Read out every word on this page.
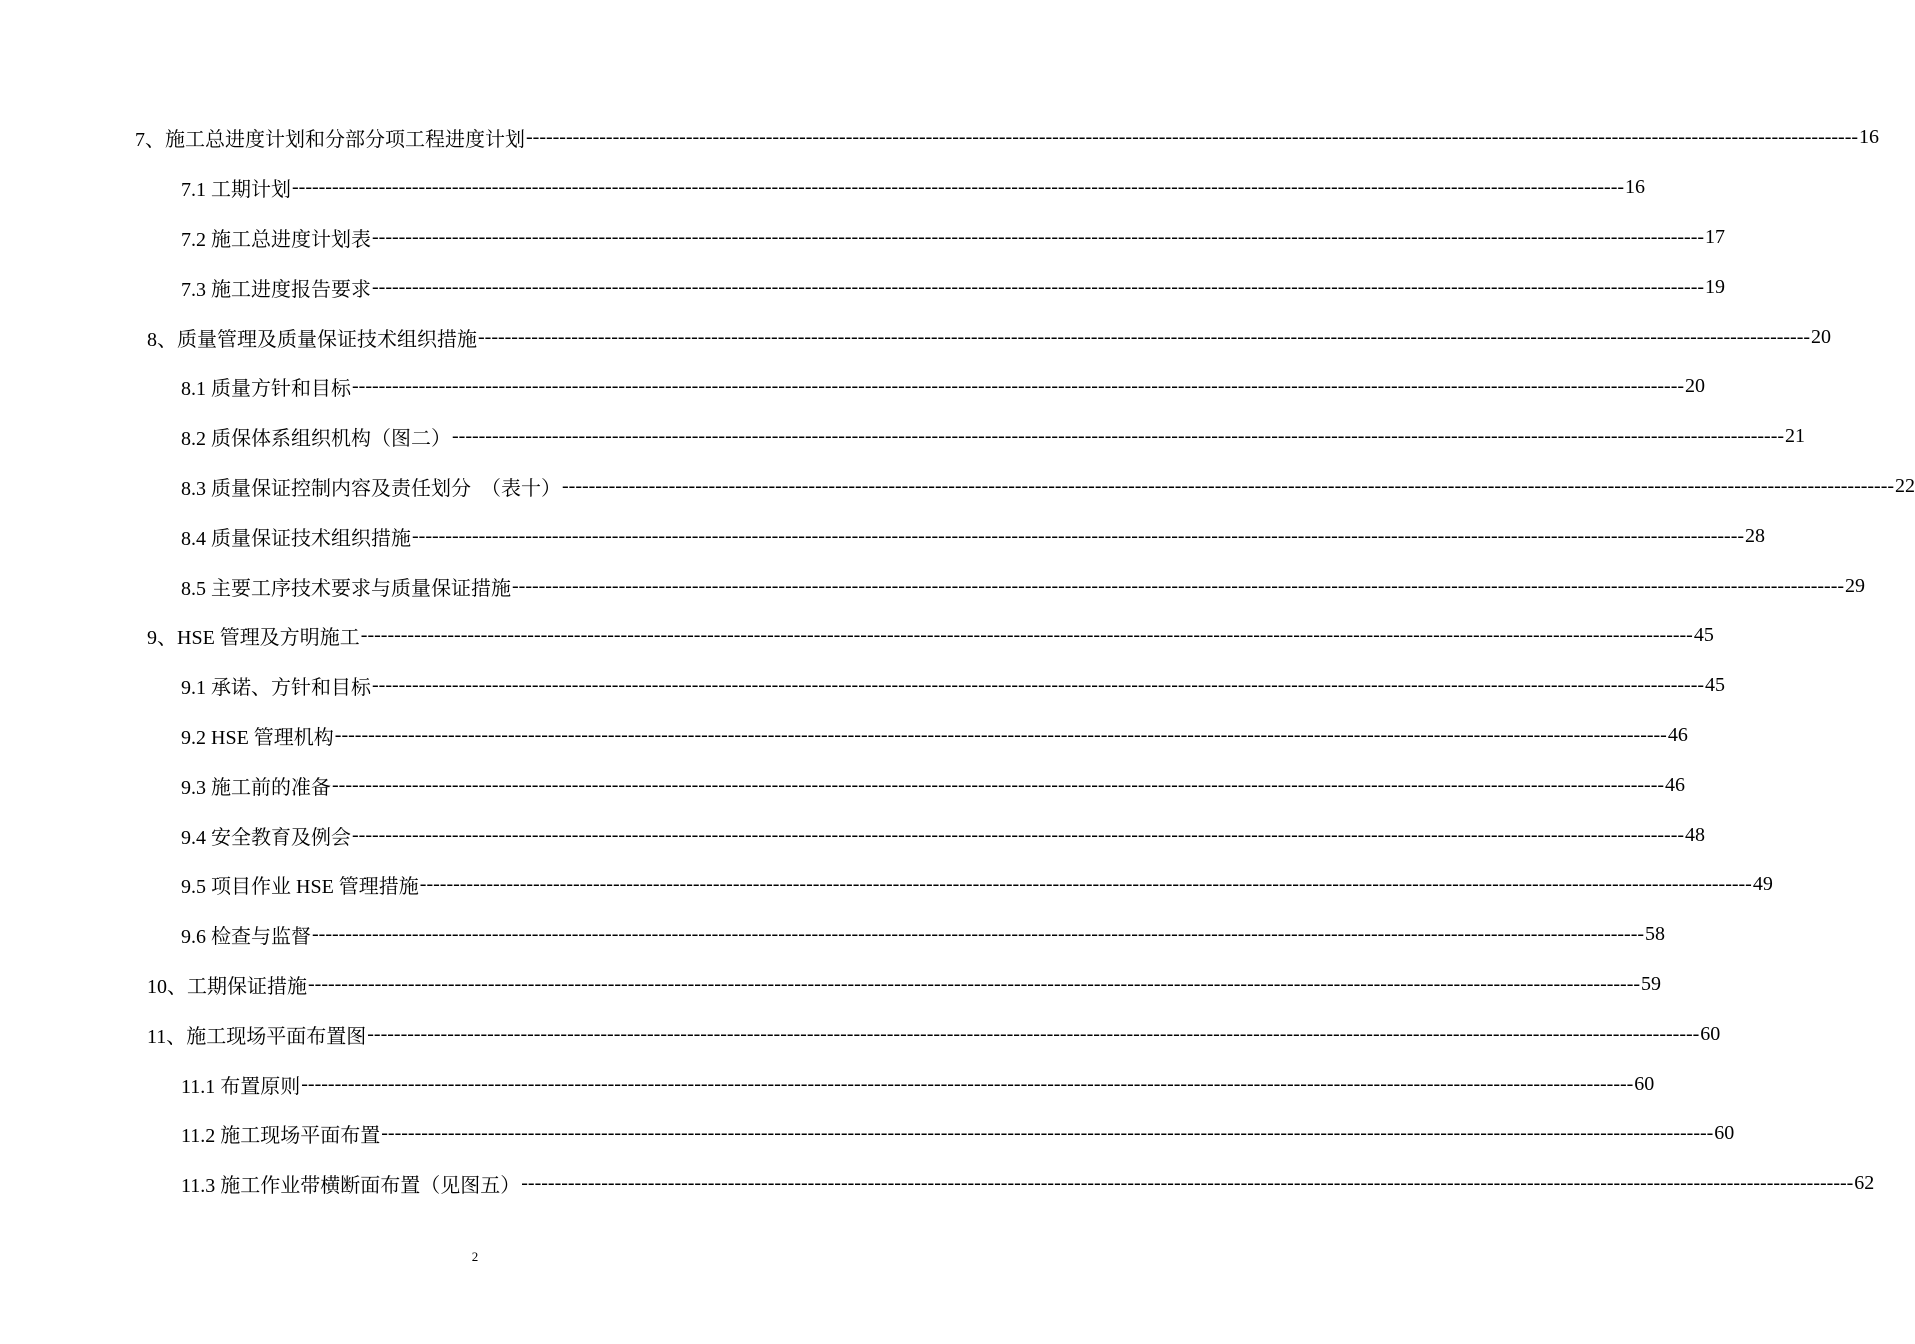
7、施工总进度计划和分部分项工程进度计划 -------------------------------------------------------------------------------------------------------------------------------------------------------------------------------------------------------- 16
7.1 工期计划 -------------------------------------------------------------------------------------------------------------------------------------------------------------------------------------------------------- 16
7.2 施工总进度计划表 -------------------------------------------------------------------------------------------------------------------------------------------------------------------------------------------------------- 17
7.3 施工进度报告要求 -------------------------------------------------------------------------------------------------------------------------------------------------------------------------------------------------------- 19
8、质量管理及质量保证技术组织措施 -------------------------------------------------------------------------------------------------------------------------------------------------------------------------------------------------------- 20
8.1 质量方针和目标 -------------------------------------------------------------------------------------------------------------------------------------------------------------------------------------------------------- 20
8.2 质保体系组织机构（图二） -------------------------------------------------------------------------------------------------------------------------------------------------------------------------------------------------------- 21
8.3 质量保证控制内容及责任划分　（表十） -------------------------------------------------------------------------------------------------------------------------------------------------------------------------------------------------------- 22
8.4 质量保证技术组织措施 -------------------------------------------------------------------------------------------------------------------------------------------------------------------------------------------------------- 28
8.5 主要工序技术要求与质量保证措施 -------------------------------------------------------------------------------------------------------------------------------------------------------------------------------------------------------- 29
9、HSE 管理及方明施工 -------------------------------------------------------------------------------------------------------------------------------------------------------------------------------------------------------- 45
9.1 承诺、方针和目标 -------------------------------------------------------------------------------------------------------------------------------------------------------------------------------------------------------- 45
9.2 HSE 管理机构 -------------------------------------------------------------------------------------------------------------------------------------------------------------------------------------------------------- 46
9.3 施工前的准备 -------------------------------------------------------------------------------------------------------------------------------------------------------------------------------------------------------- 46
9.4 安全教育及例会 -------------------------------------------------------------------------------------------------------------------------------------------------------------------------------------------------------- 48
9.5 项目作业 HSE 管理措施 -------------------------------------------------------------------------------------------------------------------------------------------------------------------------------------------------------- 49
9.6 检查与监督 -------------------------------------------------------------------------------------------------------------------------------------------------------------------------------------------------------- 58
10、工期保证措施 -------------------------------------------------------------------------------------------------------------------------------------------------------------------------------------------------------- 59
11、施工现场平面布置图 -------------------------------------------------------------------------------------------------------------------------------------------------------------------------------------------------------- 60
11.1 布置原则 -------------------------------------------------------------------------------------------------------------------------------------------------------------------------------------------------------- 60
11.2 施工现场平面布置 -------------------------------------------------------------------------------------------------------------------------------------------------------------------------------------------------------- 60
11.3 施工作业带横断面布置（见图五） -------------------------------------------------------------------------------------------------------------------------------------------------------------------------------------------------------- 62
2
